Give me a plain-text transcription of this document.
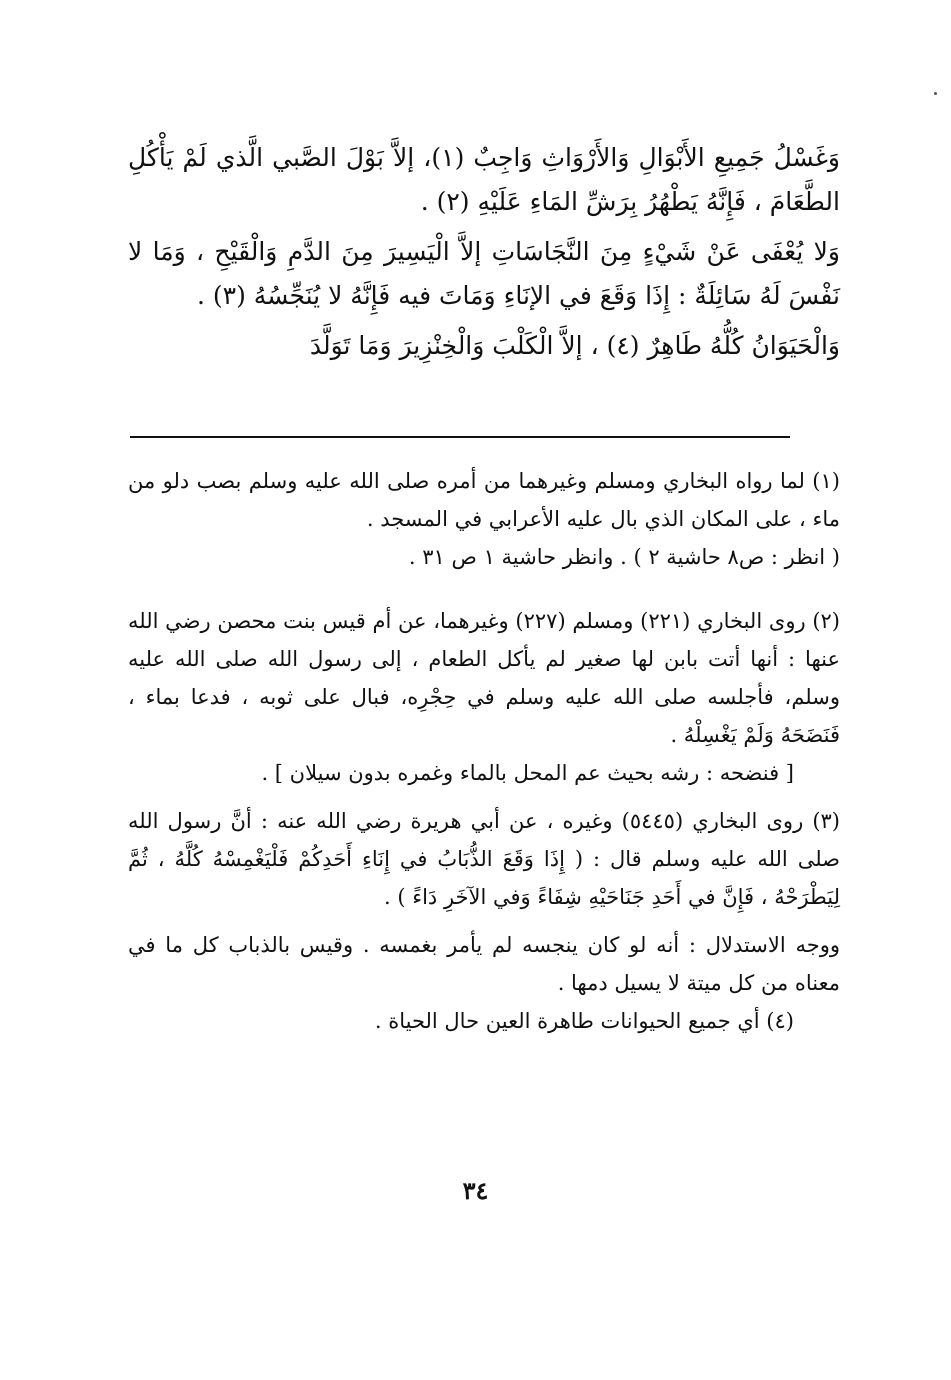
وَغَسْلُ جَمِيعِ الأَبْوَالِ وَالأَرْوَاثِ وَاجِبٌ (١)، إلاَّ بَوْلَ الصَّبي الَّذي لَمْ يَأْكُلِ الطَّعَامَ ، فَإِنَّهُ يَطْهُرُ بِرَشِّ المَاءِ عَلَيْهِ (٢) .

وَلا يُعْفَى عَنْ شَيْءٍ مِنَ النَّجَاسَاتِ إلاَّ الْيَسِيرَ مِنَ الدَّمِ وَالْقَيْحِ ، وَمَا لا نَفْسَ لَهُ سَائِلَةٌ : إِذَا وَقَعَ في الإنَاءِ وَمَاتَ فيه فَإِنَّهُ لا يُنَجِّسُهُ (٣) .

وَالْحَيَوَانُ كُلُّهُ طَاهِرٌ (٤) ، إلاَّ الْكَلْبَ وَالْخِنْزِيرَ وَمَا تَوَلَّدَ

(١) لما رواه البخاري ومسلم وغيرهما من أمره صلى الله عليه وسلم بصب دلو من ماء ، على المكان الذي بال عليه الأعرابي في المسجد .

( انظر : ص٨ حاشية ٢ ) . وانظر حاشية ١ ص ٣١ .

(٢) روى البخاري (٢٢١) ومسلم (٢٢٧) وغيرهما، عن أم قيس بنت محصن رضي الله عنها : أنها أتت بابن لها صغير لم يأكل الطعام ، إلى رسول الله صلى الله عليه وسلم، فأجلسه صلى الله عليه وسلم في حِجْرِه، فبال على ثوبه ، فدعا بماء ، فَنَضَحَهُ وَلَمْ يَغْسِلْهُ .

[ فنضحه : رشه بحيث عم المحل بالماء وغمره بدون سيلان ] .

(٣) روى البخاري (٥٤٤٥) وغيره ، عن أبي هريرة رضي الله عنه : أنَّ رسول الله صلى الله عليه وسلم قال : ( إِذَا وَقَعَ الذُّبَابُ في إِنَاءِ أَحَدِكُمْ فَلْيَغْمِسْهُ كُلَّهُ ، ثُمَّ لِيَطْرَحْهُ ، فَإِنَّ في أَحَدِ جَنَاحَيْهِ شِفَاءً وَفي الآخَرِ دَاءً ) .

ووجه الاستدلال : أنه لو كان ينجسه لم يأمر بغمسه . وقيس بالذباب كل ما في معناه من كل ميتة لا يسيل دمها .

(٤) أي جميع الحيوانات طاهرة العين حال الحياة .

٣٤
